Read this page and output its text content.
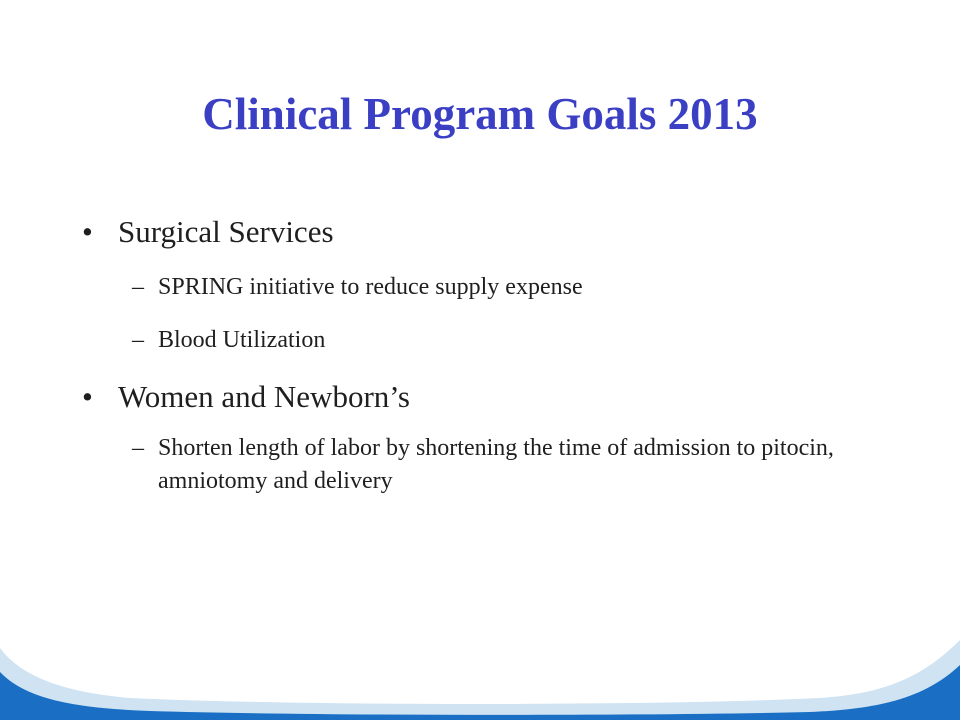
Clinical Program Goals 2013
• Surgical Services
– SPRING initiative to reduce supply expense
– Blood Utilization
• Women and Newborn’s
– Shorten length of labor by shortening the time of admission to pitocin, amniotomy and delivery
